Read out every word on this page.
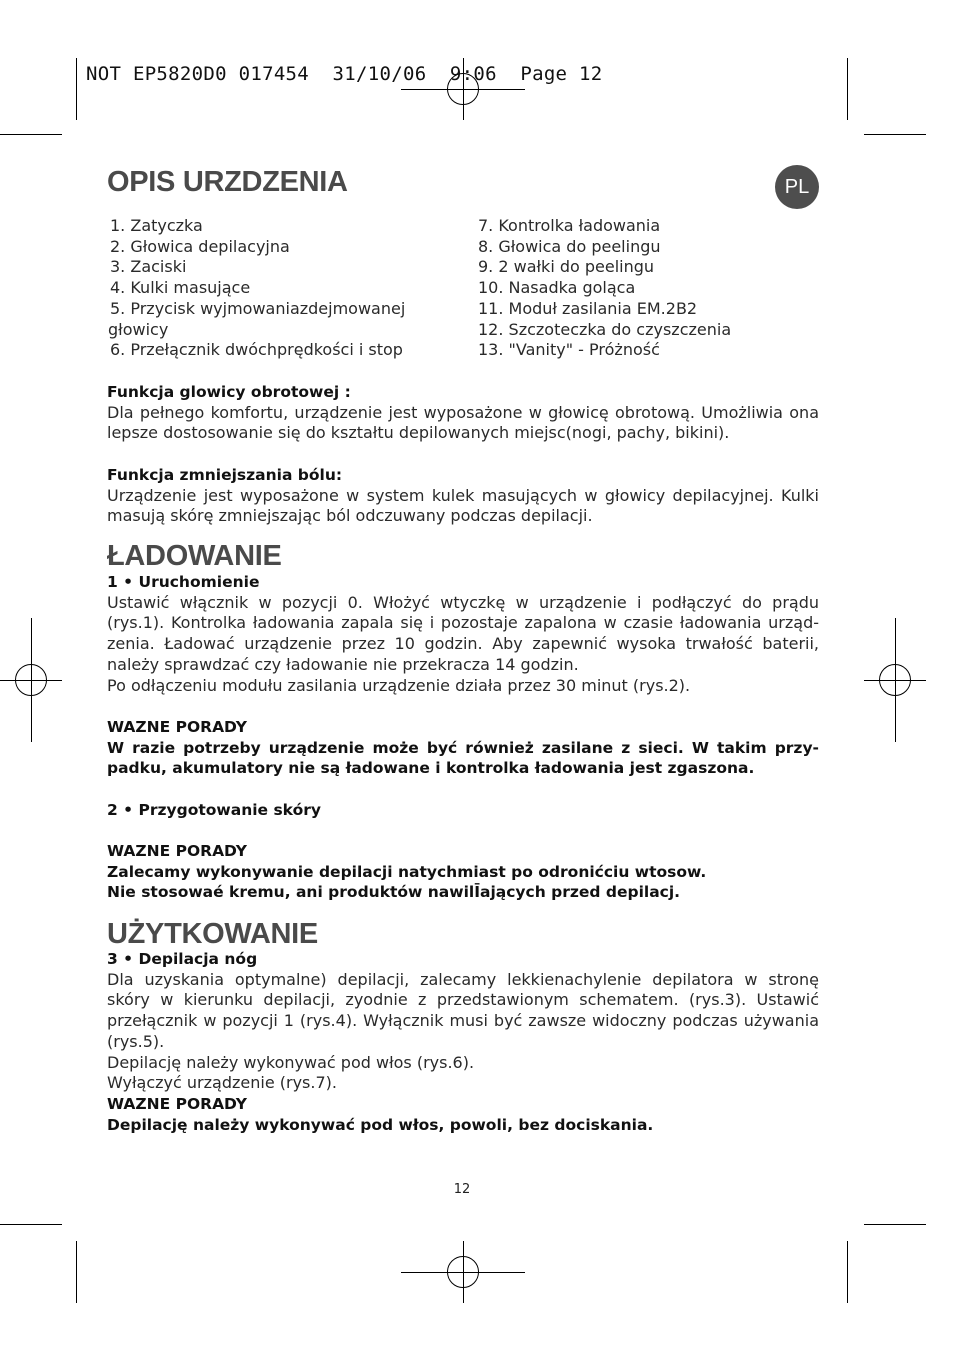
NOT EP5820D0 017454  31/10/06  9:06  Page 12
OPIS URZDZENIA	PL
1. Zatyczka
2. Głowica depilacyjna
3. Zaciski
4. Kulki masujące
5. Przycisk wyjmowaniazdejmowanej
głowicy
6. Przełącznik dwóchprędkości i stop
7. Kontrolka ładowania
8. Głowica do peelingu
9. 2 wałki do peelingu
10. Nasadka goląca
11. Moduł zasilania EM.2B2
12. Szczoteczka do czyszczenia
13. "Vanity" - Próżność
Funkcja glowicy obrotowej :

Dla pełnego komfortu, urządzenie jest wyposażone w głowicę obrotową. Umożliwia ona lepsze dostosowanie się do kształtu depilowanych miejsc(nogi, pachy, bikini).

Funkcja zmniejszania bólu:

Urządzenie jest wyposażone w system kulek masujących w głowicy depilacyjnej. Kulki masują skórę zmniejszając ból odczuwany podczas depilacji.

ŁADOWANIE
1 • Uruchomienie

Ustawić włącznik w pozycji 0. Włożyć wtyczkę w urządzenie i podłączyć do prądu (rys.1). Kontrolka ładowania zapala się i pozostaje zapalona w czasie ładowania urząd-zenia. Ładować urządzenie przez 10 godzin. Aby zapewnić wysoka trwałość baterii, należy sprawdzać czy ładowanie nie przekracza 14 godzin.

Po odłączeniu modułu zasilania urządzenie działa przez 30 minut (rys.2).

WAZNE PORADY

W razie potrzeby urządzenie może być również zasilane z sieci. W takim przy-padku, akumulatory nie są ładowane i kontrolka ładowania jest zgaszona.

2 • Przygotowanie skóry
WAZNE PORADY
Zalecamy wykonywanie depilacji natychmiast po odronićciu wtosow.
Nie stosowaé kremu, ani produktów nawilĪających przed depilacj.
UŻYTKOWANIE
3 • Depilacja nóg

Dla uzyskania optymalne) depilacji, zalecamy lekkienachylenie depilatora w stronę skóry w kierunku depilacji, zyodnie z przedstawionym schematem. (rys.3). Ustawić przełącznik w pozycji 1 (rys.4). Wyłącznik musi być zawsze widoczny podczas używania (rys.5).

Depilację należy wykonywać pod włos (rys.6).

Wyłączyć urządzenie (rys.7).

WAZNE PORADY
Depilację należy wykonywać pod włos, powoli, bez dociskania.
12
